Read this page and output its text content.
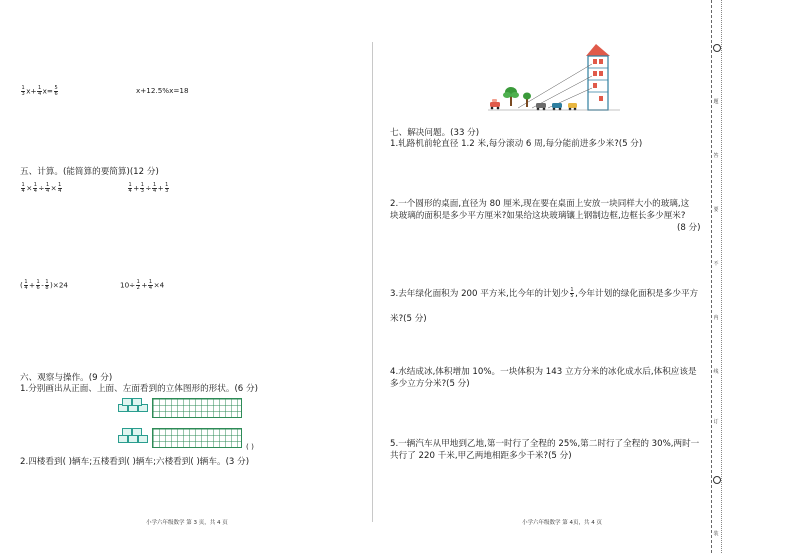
$\frac{1}{3} x+ \frac{1}{4} x= \frac{5}{6}$	x+12.5%x=18
五、计算。(能简算的要简算)(12 分)
$\frac{1}{4} \times \frac{1}{4} \div \frac{1}{4} \times \frac{1}{4}$	$\frac{1}{4} + \frac{1}{3} \div \frac{1}{4} + \frac{1}{3}$
( $\frac{1}{4} + \frac{1}{6} - \frac{1}{8} )\times 24$	$10\div \frac{1}{2} + \frac{1}{4} \times 4$
六、观察与操作。(9 分)
1.分别画出从正面、上面、左面看到的立体图形的形状。(6 分)
( )
2.四楼看到( )辆车;五楼看到( )辆车;六楼看到( )辆车。(3 分)
小学六年级数学 第 3 页，共 4 页
七、解决问题。(33 分)
1.轧路机前轮直径 1.2 米,每分滚动 6 周,每分能前进多少米?(5 分)
2.一个圆形的桌面,直径为 80 厘米,现在要在桌面上安放一块同样大小的玻璃,这
块玻璃的面积是多少平方厘米?如果给这块玻璃镶上钢制边框,边框长多少厘米?
(8 分)
3.去年绿化面积为 200 平方米,比今年的计划少 $\frac{1}{5}$ ,今年计划的绿化面积是多少平方
米?(5 分)
4.水结成冰,体积增加 10%。一块体积为 143 立方分米的冰化成水后,体积应该是
多少立方分米?(5 分)
5.一辆汽车从甲地到乙地,第一时行了全程的 25%,第二时行了全程的 30%,两时一
共行了 220 千米,甲乙两地相距多少千米?(5 分)
小学六年级数学 第 4页，共 4 页
题
答
要
不
内
线
订
装
